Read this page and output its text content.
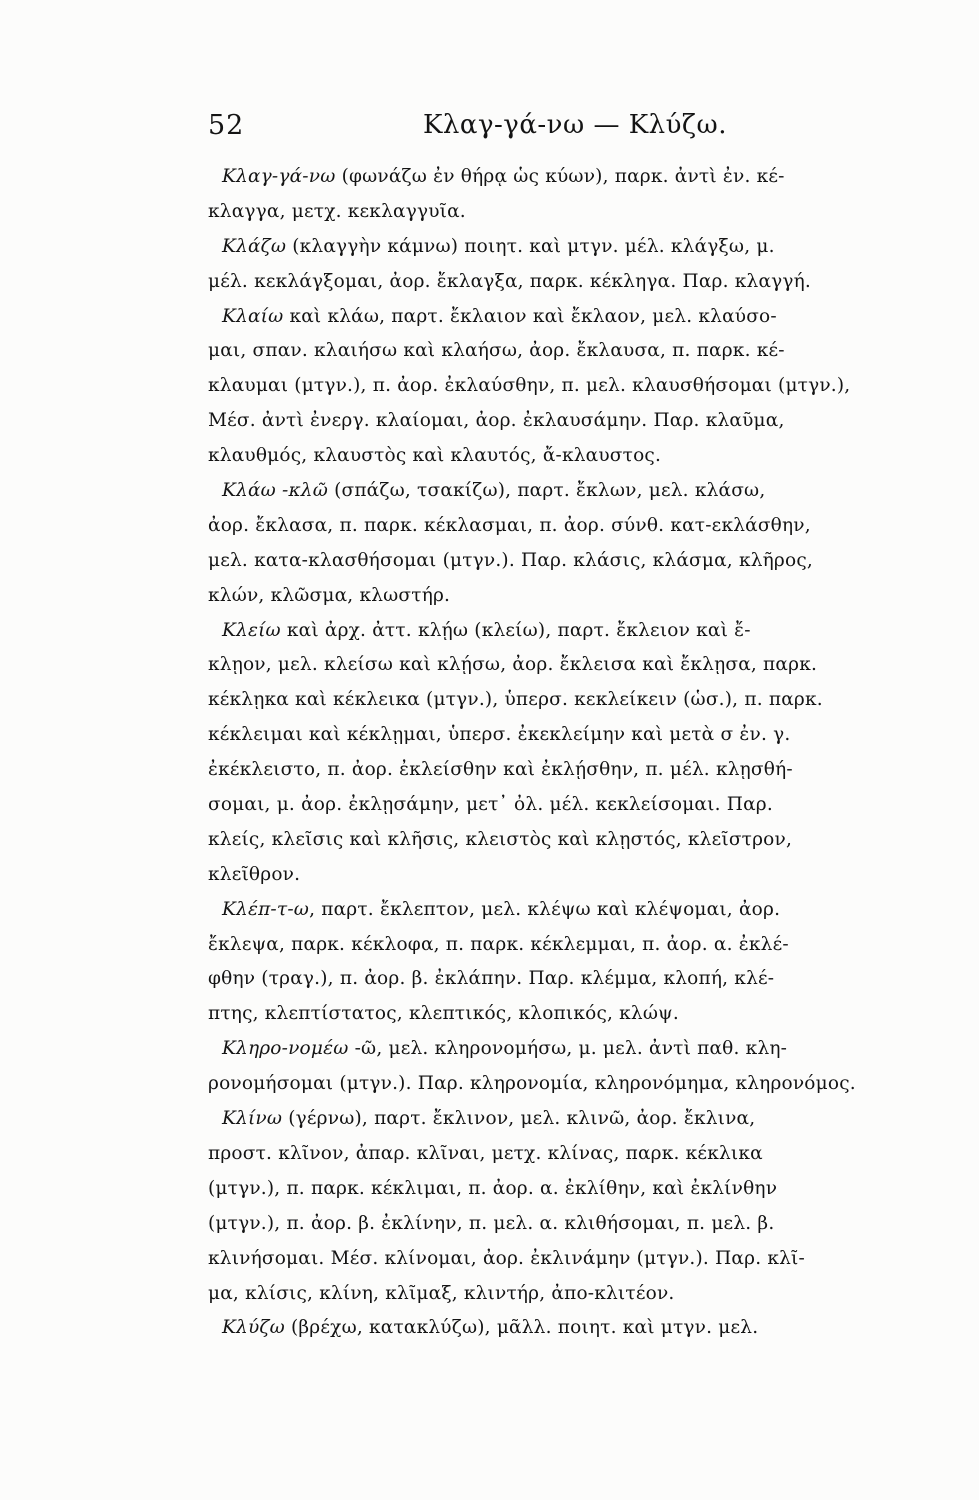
52	Κλαγ-γά-νω — Κλύζω.
Κλαγ-γά-νω (φωνάζω ἐν θήρᾳ ὡς κύων), παρκ. ἀντὶ ἐν. κέ-
κλαγγα, μετχ. κεκλαγγυῖα.
Κλάζω (κλαγγὴν κάμνω) ποιητ. καὶ μτγν. μέλ. κλάγξω, μ.
μέλ. κεκλάγξομαι, ἀορ. ἔκλαγξα, παρκ. κέκληγα. Παρ. κλαγγή.
Κλαίω καὶ κλάω, παρτ. ἔκλαιον καὶ ἔκλαον, μελ. κλαύσο-
μαι, σπαν. κλαιήσω καὶ κλαήσω, ἀορ. ἔκλαυσα, π. παρκ. κέ-
κλαυμαι (μτγν.), π. ἀορ. ἐκλαύσθην, π. μελ. κλαυσθήσομαι (μτγν.),
Μέσ. ἀντὶ ἐνεργ. κλαίομαι, ἀορ. ἐκλαυσάμην. Παρ. κλαῦμα,
κλαυθμός, κλαυστὸς καὶ κλαυτός, ἄ-κλαυστος.
Κλάω -κλῶ (σπάζω, τσακίζω), παρτ. ἔκλων, μελ. κλάσω,
ἀορ. ἔκλασα, π. παρκ. κέκλασμαι, π. ἀορ. σύνθ. κατ-εκλάσθην,
μελ. κατα-κλασθήσομαι (μτγν.). Παρ. κλάσις, κλάσμα, κλῆρος,
κλών, κλῶσμα, κλωστήρ.
Κλείω καὶ ἀρχ. ἀττ. κλῄω (κλείω), παρτ. ἔκλειον καὶ ἔ-
κλῃον, μελ. κλείσω καὶ κλῄσω, ἀορ. ἔκλεισα καὶ ἔκλῃσα, παρκ.
κέκλῃκα καὶ κέκλεικα (μτγν.), ὑπερσ. κεκλείκειν (ὡσ.), π. παρκ.
κέκλειμαι καὶ κέκλῃμαι, ὑπερσ. ἐκεκλείμην καὶ μετὰ σ ἐν. γ.
ἐκέκλειστο, π. ἀορ. ἐκλείσθην καὶ ἐκλῄσθην, π. μέλ. κλῃσθή-
σομαι, μ. ἀορ. ἐκλῃσάμην, μετ᾽ ὀλ. μέλ. κεκλείσομαι. Παρ.
κλείς, κλεῖσις καὶ κλῆσις, κλειστὸς καὶ κλῃστός, κλεῖστρον,
κλεῖθρον.
Κλέπ-τ-ω, παρτ. ἔκλεπτον, μελ. κλέψω καὶ κλέψομαι, ἀορ.
ἔκλεψα, παρκ. κέκλοφα, π. παρκ. κέκλεμμαι, π. ἀορ. α. ἐκλέ-
φθην (τραγ.), π. ἀορ. β. ἐκλάπην. Παρ. κλέμμα, κλοπή, κλέ-
πτης, κλεπτίστατος, κλεπτικός, κλοπικός, κλώψ.
Κληρο-νομέω -ῶ, μελ. κληρονομήσω, μ. μελ. ἀντὶ παθ. κλη-
ρονομήσομαι (μτγν.). Παρ. κληρονομία, κληρονόμημα, κληρονόμος.
Κλίνω (γέρνω), παρτ. ἔκλινον, μελ. κλινῶ, ἀορ. ἔκλινα,
προστ. κλῖνον, ἀπαρ. κλῖναι, μετχ. κλίνας, παρκ. κέκλικα
(μτγν.), π. παρκ. κέκλιμαι, π. ἀορ. α. ἐκλίθην, καὶ ἐκλίνθην
(μτγν.), π. ἀορ. β. ἐκλίνην, π. μελ. α. κλιθήσομαι, π. μελ. β.
κλινήσομαι. Μέσ. κλίνομαι, ἀορ. ἐκλινάμην (μτγν.). Παρ. κλῖ-
μα, κλίσις, κλίνη, κλῖμαξ, κλιντήρ, ἀπο-κλιτέον.
Κλύζω (βρέχω, κατακλύζω), μᾶλλ. ποιητ. καὶ μτγν. μελ.
